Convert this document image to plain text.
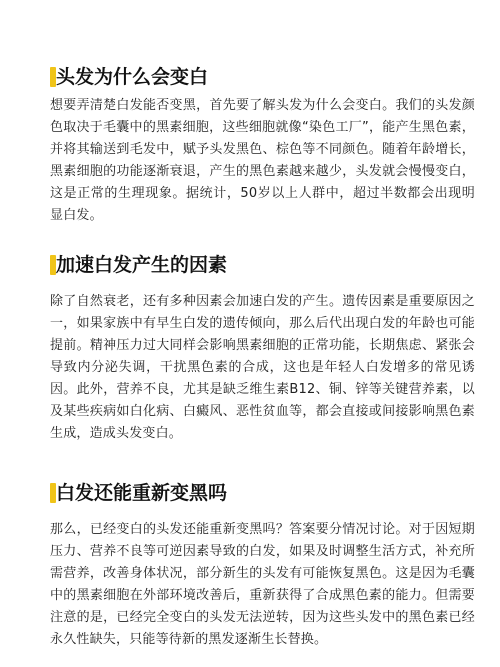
头发为什么会变白

想要弄清楚白发能否变黑，首先要了解头发为什么会变白。我们的头发颜色取决于毛囊中的黑素细胞，这些细胞就像“染色工厂”，能产生黑色素，并将其输送到毛发中，赋予头发黑色、棕色等不同颜色。随着年龄增长，黑素细胞的功能逐渐衰退，产生的黑色素越来越少，头发就会慢慢变白，这是正常的生理现象。据统计，50岁以上人群中，超过半数都会出现明显白发。

加速白发产生的因素

除了自然衰老，还有多种因素会加速白发的产生。遗传因素是重要原因之一，如果家族中有早生白发的遗传倾向，那么后代出现白发的年龄也可能提前。精神压力过大同样会影响黑素细胞的正常功能，长期焦虑、紧张会导致内分泌失调，干扰黑色素的合成，这也是年轻人白发增多的常见诱因。此外，营养不良，尤其是缺乏维生素B12、铜、锌等关键营养素，以及某些疾病如白化病、白癜风、恶性贫血等，都会直接或间接影响黑色素生成，造成头发变白。

白发还能重新变黑吗

那么，已经变白的头发还能重新变黑吗？答案要分情况讨论。对于因短期压力、营养不良等可逆因素导致的白发，如果及时调整生活方式，补充所需营养，改善身体状况，部分新生的头发有可能恢复黑色。这是因为毛囊中的黑素细胞在外部环境改善后，重新获得了合成黑色素的能力。但需要注意的是，已经完全变白的头发无法逆转，因为这些头发中的黑色素已经永久性缺失，只能等待新的黑发逐渐生长替换。
